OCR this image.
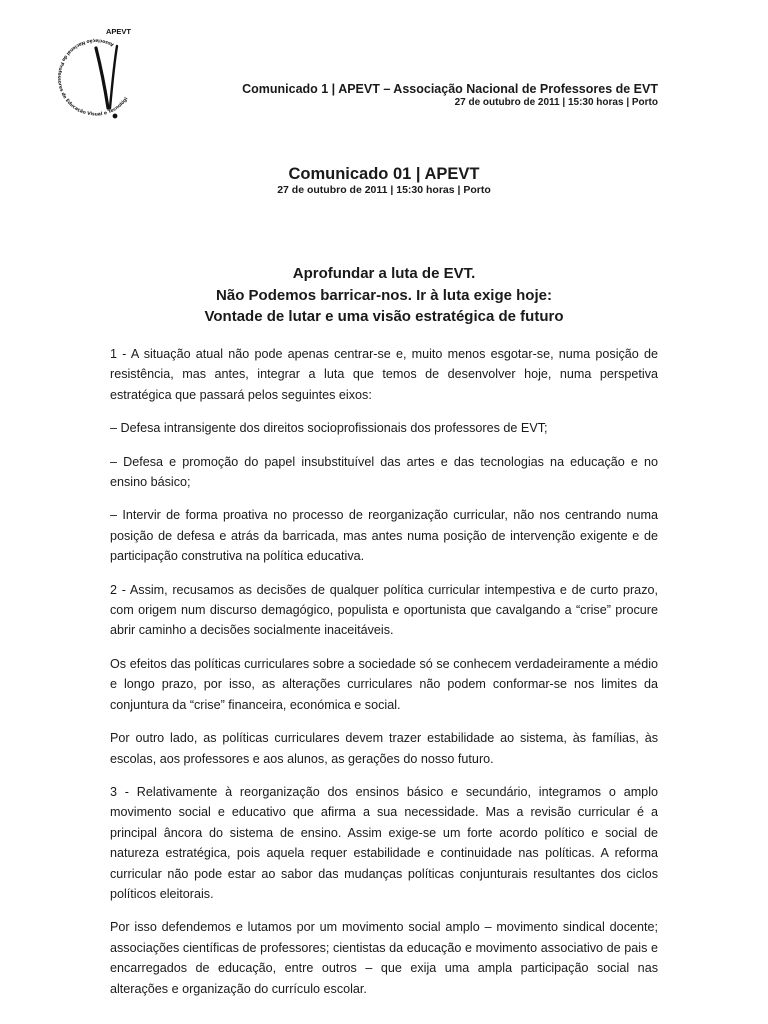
Associação Nacional de Professores de Educação Visual e Tecnológi
APEVT
Comunicado 1 | APEVT – Associação Nacional de Professores de EVT
27 de outubro de 2011 | 15:30 horas | Porto
Comunicado 01 | APEVT
27 de outubro de 2011 | 15:30 horas | Porto
Aprofundar a luta de EVT.
Não Podemos barricar-nos. Ir à luta exige hoje:
Vontade de lutar e uma visão estratégica de futuro

1 - A situação atual não pode apenas centrar-se e, muito menos esgotar-se, numa posição de resistência, mas antes, integrar a luta que temos de desenvolver hoje, numa perspetiva estratégica que passará pelos seguintes eixos:

– Defesa intransigente dos direitos socioprofissionais dos professores de EVT;

– Defesa e promoção do papel insubstituível das artes e das tecnologias na educação e no ensino básico;

– Intervir de forma proativa no processo de reorganização curricular, não nos centrando numa posição de defesa e atrás da barricada, mas antes numa posição de intervenção exigente e de participação construtiva na política educativa.

2 - Assim, recusamos as decisões de qualquer política curricular intempestiva e de curto prazo, com origem num discurso demagógico, populista e oportunista que cavalgando a “crise” procure abrir caminho a decisões socialmente inaceitáveis.

Os efeitos das políticas curriculares sobre a sociedade só se conhecem verdadeiramente a médio e longo prazo, por isso, as alterações curriculares não podem conformar-se nos limites da conjuntura da “crise” financeira, económica e social.

Por outro lado, as políticas curriculares devem trazer estabilidade ao sistema, às famílias, às escolas, aos professores e aos alunos, as gerações do nosso futuro.

3 - Relativamente à reorganização dos ensinos básico e secundário, integramos o amplo movimento social e educativo que afirma a sua necessidade. Mas a revisão curricular é a principal âncora do sistema de ensino. Assim exige-se um forte acordo político e social de natureza estratégica, pois aquela requer estabilidade e continuidade nas políticas. A reforma curricular não pode estar ao sabor das mudanças políticas conjunturais resultantes dos ciclos políticos eleitorais.

Por isso defendemos e lutamos por um movimento social amplo – movimento sindical docente; associações científicas de professores; cientistas da educação e movimento associativo de pais e encarregados de educação, entre outros – que exija uma ampla participação social nas alterações e organização do currículo escolar.
